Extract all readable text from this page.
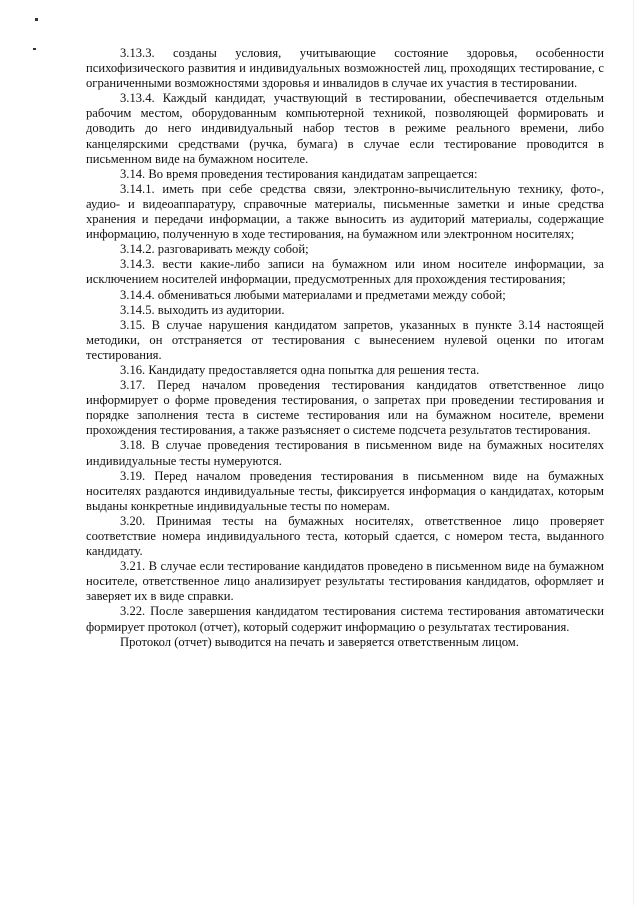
3.13.3. созданы условия, учитывающие состояние здоровья, особенности психофизического развития и индивидуальных возможностей лиц, проходящих тестирование, с ограниченными возможностями здоровья и инвалидов в случае их участия в тестировании.

3.13.4. Каждый кандидат, участвующий в тестировании, обеспечивается отдельным рабочим местом, оборудованным компьютерной техникой, позволяющей формировать и доводить до него индивидуальный набор тестов в режиме реального времени, либо канцелярскими средствами (ручка, бумага) в случае если тестирование проводится в письменном виде на бумажном носителе.

3.14. Во время проведения тестирования кандидатам запрещается:

3.14.1. иметь при себе средства связи, электронно-вычислительную технику, фото-, аудио- и видеоаппаратуру, справочные материалы, письменные заметки и иные средства хранения и передачи информации, а также выносить из аудиторий материалы, содержащие информацию, полученную в ходе тестирования, на бумажном или электронном носителях;

3.14.2. разговаривать между собой;

3.14.3. вести какие-либо записи на бумажном или ином носителе информации, за исключением носителей информации, предусмотренных для прохождения тестирования;

3.14.4. обмениваться любыми материалами и предметами между собой;

3.14.5. выходить из аудитории.

3.15. В случае нарушения кандидатом запретов, указанных в пункте 3.14 настоящей методики, он отстраняется от тестирования с вынесением нулевой оценки по итогам тестирования.

3.16. Кандидату предоставляется одна попытка для решения теста.

3.17. Перед началом проведения тестирования кандидатов ответственное лицо информирует о форме проведения тестирования, о запретах при проведении тестирования и порядке заполнения теста в системе тестирования или на бумажном носителе, времени прохождения тестирования, а также разъясняет о системе подсчета результатов тестирования.

3.18. В случае проведения тестирования в письменном виде на бумажных носителях индивидуальные тесты нумеруются.

3.19. Перед началом проведения тестирования в письменном виде на бумажных носителях раздаются индивидуальные тесты, фиксируется информация о кандидатах, которым выданы конкретные индивидуальные тесты по номерам.

3.20. Принимая тесты на бумажных носителях, ответственное лицо проверяет соответствие номера индивидуального теста, который сдается, с номером теста, выданного кандидату.

3.21. В случае если тестирование кандидатов проведено в письменном виде на бумажном носителе, ответственное лицо анализирует результаты тестирования кандидатов, оформляет и заверяет их в виде справки.

3.22. После завершения кандидатом тестирования система тестирования автоматически формирует протокол (отчет), который содержит информацию о результатах тестирования.

Протокол (отчет) выводится на печать и заверяется ответственным лицом.
